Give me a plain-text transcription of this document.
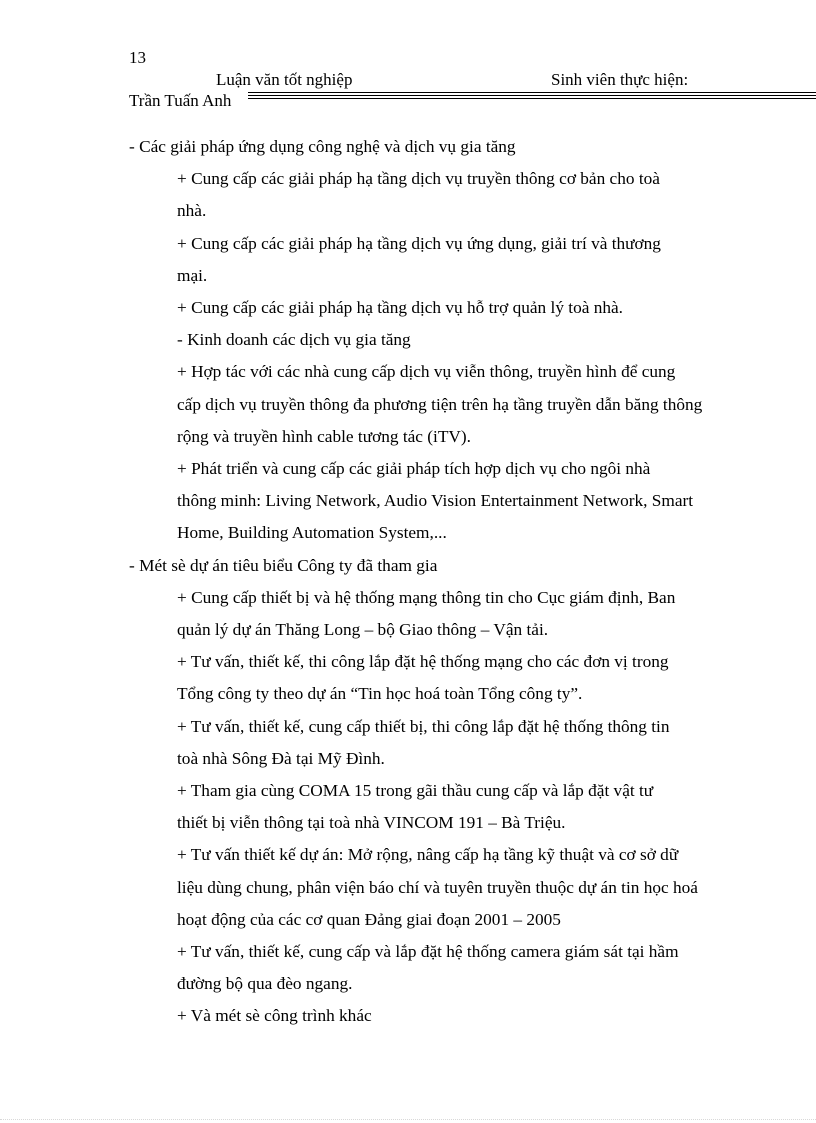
13
Luận văn tốt nghiệp	Sinh viên thực hiện:
Trần Tuấn Anh

- Các giải pháp ứng dụng công nghệ và dịch vụ gia tăng

+ Cung cấp các giải pháp hạ tầng dịch vụ truyền thông cơ bản cho toà
nhà.

+ Cung cấp các giải pháp hạ tầng dịch vụ ứng dụng, giải trí và thương
mại.

+ Cung cấp các giải pháp hạ tầng dịch vụ hỗ trợ quản lý toà nhà.

- Kinh doanh các dịch vụ gia tăng

+ Hợp tác với các nhà cung cấp dịch vụ viễn thông, truyền hình để cung
cấp dịch vụ truyền thông đa phương tiện trên hạ tầng truyền dẫn băng thông
rộng và truyền hình cable tương tác (iTV).

+ Phát triển và cung cấp các giải pháp tích hợp dịch vụ cho ngôi nhà
thông minh: Living Network, Audio Vision Entertainment Network, Smart
Home, Building Automation System,...

- Mét sè dự án tiêu biểu Công ty đã tham gia

+ Cung cấp thiết bị và hệ thống mạng thông tin cho Cục giám định, Ban
quản lý dự án Thăng Long – bộ Giao thông – Vận tải.

+ Tư vấn, thiết kế, thi công lắp đặt hệ thống mạng cho các đơn vị trong
Tổng công ty theo dự án “Tin học hoá toàn Tổng công ty”.

+ Tư vấn, thiết kế, cung cấp thiết bị, thi công lắp đặt hệ thống thông tin
toà nhà Sông Đà tại Mỹ Đình.

+ Tham gia cùng COMA 15 trong gãi thầu cung cấp và lắp đặt vật tư
thiết bị viễn thông tại toà nhà VINCOM 191 – Bà Triệu.

+ Tư vấn thiết kế dự án: Mở rộng, nâng cấp hạ tầng kỹ thuật và cơ sở dữ
liệu dùng chung, phân viện báo chí và tuyên truyền thuộc dự án tin học hoá
hoạt động của các cơ quan Đảng giai đoạn 2001 – 2005

+ Tư vấn, thiết kế, cung cấp và lắp đặt hệ thống camera giám sát tại hầm
đường bộ qua đèo ngang.

+ Và mét sè công trình khác
